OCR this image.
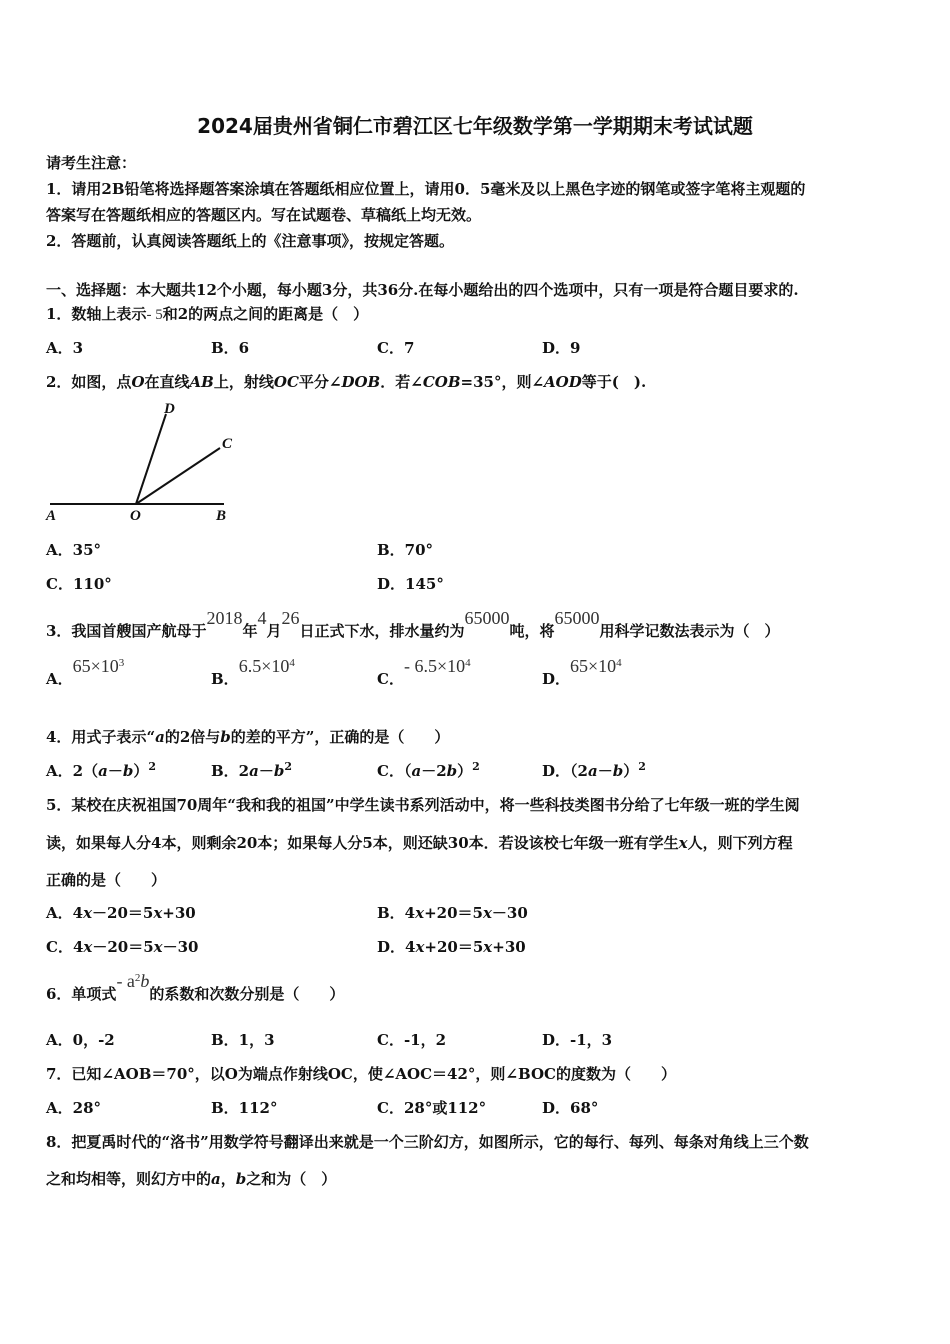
2024届贵州省铜仁市碧江区七年级数学第一学期期末考试试题
请考生注意：
1．请用2B铅笔将选择题答案涂填在答题纸相应位置上，请用0．5毫米及以上黑色字迹的钢笔或签字笔将主观题的
答案写在答题纸相应的答题区内。写在试题卷、草稿纸上均无效。
2．答题前，认真阅读答题纸上的《注意事项》，按规定答题。
一、选择题：本大题共12个小题，每小题3分，共36分.在每小题给出的四个选项中，只有一项是符合题目要求的.
1．数轴上表示- 5和2的两点之间的距离是（　）
A．3	B．6	C．7	D．9
2．如图，点O在直线AB上，射线OC平分∠DOB．若∠COB=35°，则∠AOD等于(　).
D
C
A	O	B
A．35°	B．70°
C．110°	D．145°
3．我国首艘国产航母于2018年4月26日正式下水，排水量约为65000吨，将65000用科学记数法表示为（　）
A．$65\times 10^3$
B．$6.5\times 10^4$
C．- $6.5\times 10^4$
D．$65\times 10^4$
4．用式子表示“a的2倍与b的差的平方”，正确的是（　　）
A．$2(a-b)^2$	B．$2a-b^2$	C．$(a-2b)^2$	D．$(2a-b)^2$
5．某校在庆祝祖国70周年“我和我的祖国”中学生读书系列活动中，将一些科技类图书分给了七年级一班的学生阅
读，如果每人分4本，则剩余20本；如果每人分5本，则还缺30本．若设该校七年级一班有学生x人，则下列方程
正确的是（　　）
A．4x－20＝5x+30	B．4x+20＝5x－30
C．4x－20＝5x－30	D．4x+20＝5x+30
6．单项式- $a^2b$的系数和次数分别是（　　）
A．0，-2	B．1，3	C．-1，2	D．-1，3
7．已知∠AOB＝70°，以O为端点作射线OC，使∠AOC＝42°，则∠BOC的度数为（　　）
A．28°	B．112°	C．28°或112°	D．68°
8．把夏禹时代的“洛书”用数学符号翻译出来就是一个三阶幻方，如图所示，它的每行、每列、每条对角线上三个数
之和均相等，则幻方中的a，b之和为（　）
